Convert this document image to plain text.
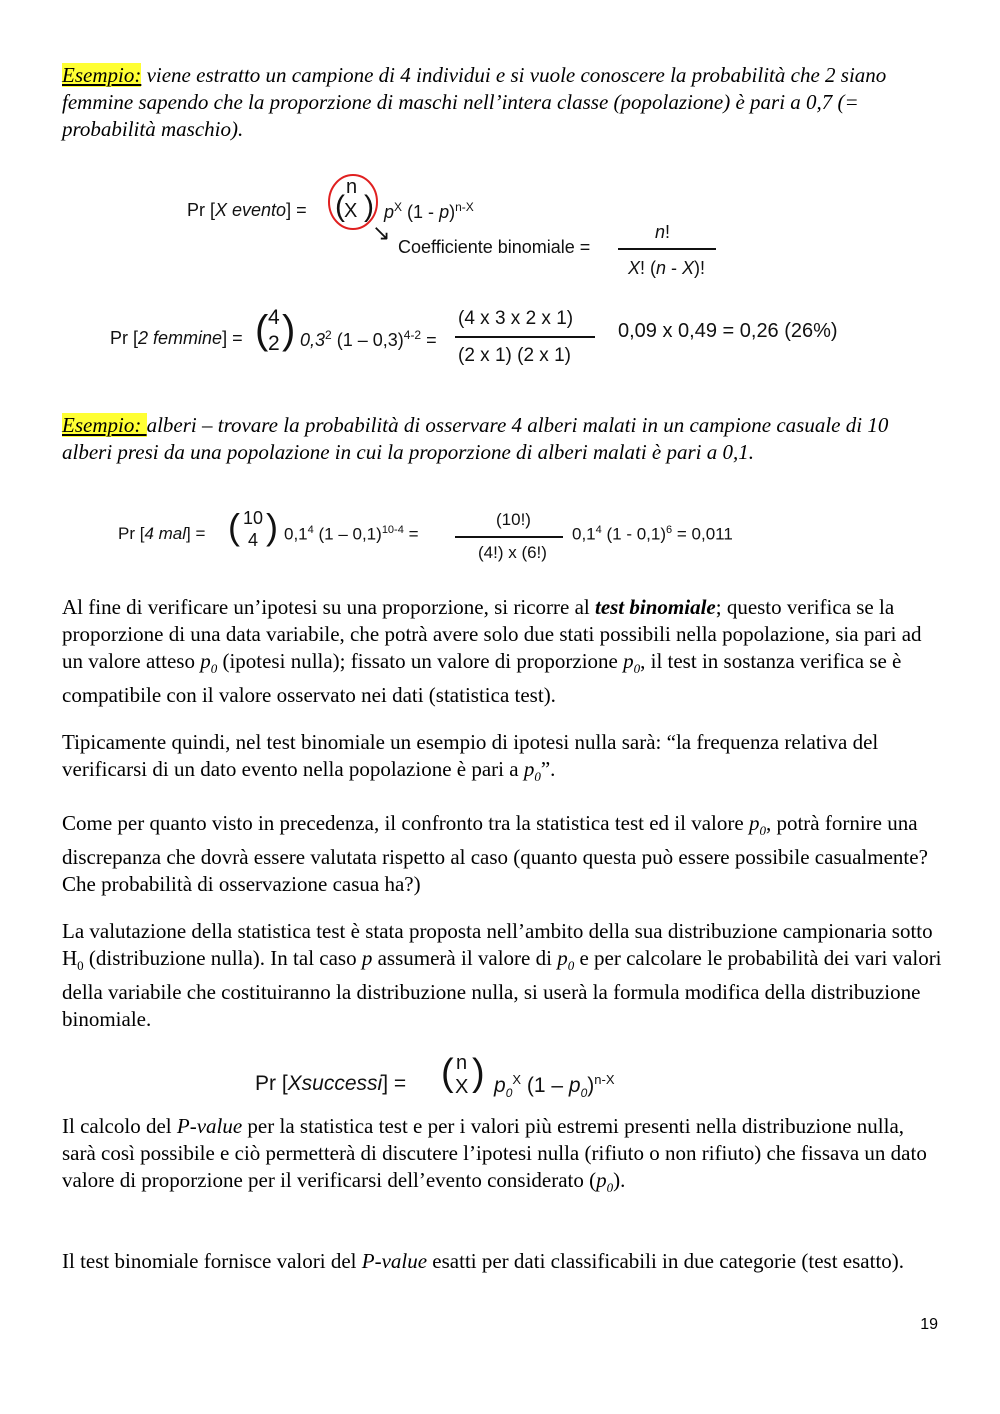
Esempio: viene estratto un campione di 4 individui e si vuole conoscere la probabilità che 2 siano femmine sapendo che la proporzione di maschi nell’intera classe (popolazione) è pari a 0,7 (= probabilità maschio).

Pr [X evento] = ( )
n
X $p^X$ (1 - p)$^{n-X}$
↘
Coefficiente binomiale =
n!
X! (n - X)!
Pr [2 femmine] = ( 4
2 ) $0,3^2$ (1 – 0,3)$^{4-2}$ =
(4 x 3 x 2 x 1)
(2 x 1) (2 x 1)
0,09 x 0,49 = 0,26 (26%)

Esempio: alberi – trovare la probabilità di osservare 4 alberi malati in un campione casuale di 10 alberi presi da una popolazione in cui la proporzione di alberi malati è pari a 0,1.

Pr [4 mal] = ( 10
4 ) $0,1^4$ (1 – 0,1)$^{10-4}$ =
(10!)
(4!) x (6!)
$0,1^4$ (1 - 0,1)$^6$ = 0,011

Al fine di verificare un’ipotesi su una proporzione, si ricorre al test binomiale; questo verifica se la proporzione di una data variabile, che potrà avere solo due stati possibili nella popolazione, sia pari ad un valore atteso $p_0$ (ipotesi nulla); fissato un valore di proporzione $p_0$, il test in sostanza verifica se è compatibile con il valore osservato nei dati (statistica test).

Tipicamente quindi, nel test binomiale un esempio di ipotesi nulla sarà: “la frequenza relativa del verificarsi di un dato evento nella popolazione è pari a $p_0$”.

Come per quanto visto in precedenza, il confronto tra la statistica test ed il valore $p_0$, potrà fornire una discrepanza che dovrà essere valutata rispetto al caso (quanto questa può essere possibile casualmente? Che probabilità di osservazione casua ha?)

La valutazione della statistica test è stata proposta nell’ambito della sua distribuzione campionaria sotto $H_0$ (distribuzione nulla). In tal caso p assumerà il valore di $p_0$ e per calcolare le probabilità dei vari valori della variabile che costituiranno la distribuzione nulla, si userà la formula modifica della distribuzione binomiale.

Pr [Xsuccessi] = ( n
X ) $p_0^X$ $(1 - p_0)^{n-X}$

Il calcolo del P-value per la statistica test e per i valori più estremi presenti nella distribuzione nulla, sarà così possibile e ciò permetterà di discutere l’ipotesi nulla (rifiuto o non rifiuto) che fissava un dato valore di proporzione per il verificarsi dell’evento considerato $(p_0)$.

Il test binomiale fornisce valori del P-value esatti per dati classificabili in due categorie (test esatto).

19
